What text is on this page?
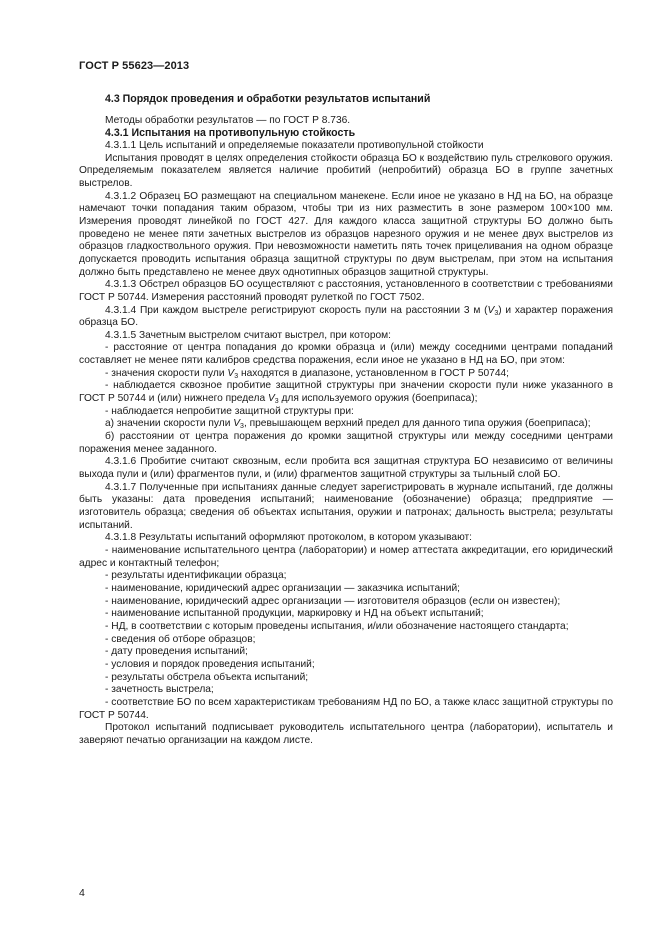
ГОСТ Р 55623—2013

4.3 Порядок проведения и обработки результатов испытаний

Методы обработки результатов — по ГОСТ Р 8.736.

4.3.1 Испытания на противопульную стойкость

4.3.1.1 Цель испытаний и определяемые показатели противопульной стойкости

Испытания проводят в целях определения стойкости образца БО к воздействию пуль стрелкового оружия. Определяемым показателем является наличие пробитий (непробитий) образца БО в группе зачетных выстрелов.

4.3.1.2 Образец БО размещают на специальном манекене. Если иное не указано в НД на БО, на образце намечают точки попадания таким образом, чтобы три из них разместить в зоне размером 100×100 мм. Измерения проводят линейкой по ГОСТ 427. Для каждого класса защитной структуры БО должно быть проведено не менее пяти зачетных выстрелов из образцов нарезного оружия и не менее двух выстрелов из образцов гладкоствольного оружия. При невозможности наметить пять точек прицеливания на одном образце допускается проводить испытания образца защитной структуры по двум выстрелам, при этом на испытания должно быть представлено не менее двух однотипных образцов защитной структуры.

4.3.1.3 Обстрел образцов БО осуществляют с расстояния, установленного в соответствии с требованиями ГОСТ Р 50744. Измерения расстояний проводят рулеткой по ГОСТ 7502.

4.3.1.4 При каждом выстреле регистрируют скорость пули на расстоянии 3 м $(V_3)$ и характер поражения образца БО.

4.3.1.5 Зачетным выстрелом считают выстрел, при котором:

- расстояние от центра попадания до кромки образца и (или) между соседними центрами попаданий составляет не менее пяти калибров средства поражения, если иное не указано в НД на БО, при этом:

- значения скорости пули $V_3$ находятся в диапазоне, установленном в ГОСТ Р 50744;

- наблюдается сквозное пробитие защитной структуры при значении скорости пули ниже указанного в ГОСТ Р 50744 и (или) нижнего предела $V_3$ для используемого оружия (боеприпаса);

- наблюдается непробитие защитной структуры при:

а) значении скорости пули $V_3$, превышающем верхний предел для данного типа оружия (боеприпаса);

б) расстоянии от центра поражения до кромки защитной структуры или между соседними центрами поражения менее заданного.

4.3.1.6 Пробитие считают сквозным, если пробита вся защитная структура БО независимо от величины выхода пули и (или) фрагментов пули, и (или) фрагментов защитной структуры за тыльный слой БО.

4.3.1.7 Полученные при испытаниях данные следует зарегистрировать в журнале испытаний, где должны быть указаны: дата проведения испытаний; наименование (обозначение) образца; предприятие — изготовитель образца; сведения об объектах испытания, оружии и патронах; дальность выстрела; результаты испытаний.

4.3.1.8 Результаты испытаний оформляют протоколом, в котором указывают:

- наименование испытательного центра (лаборатории) и номер аттестата аккредитации, его юридический адрес и контактный телефон;

- результаты идентификации образца;

- наименование, юридический адрес организации — заказчика испытаний;

- наименование, юридический адрес организации — изготовителя образцов (если он известен);

- наименование испытанной продукции, маркировку и НД на объект испытаний;

- НД, в соответствии с которым проведены испытания, и/или обозначение настоящего стандарта;

- сведения об отборе образцов;

- дату проведения испытаний;

- условия и порядок проведения испытаний;

- результаты обстрела объекта испытаний;

- зачетность выстрела;

- соответствие БО по всем характеристикам требованиям НД по БО, а также класс защитной структуры по ГОСТ Р 50744.

Протокол испытаний подписывает руководитель испытательного центра (лаборатории), испытатель и заверяют печатью организации на каждом листе.

4
